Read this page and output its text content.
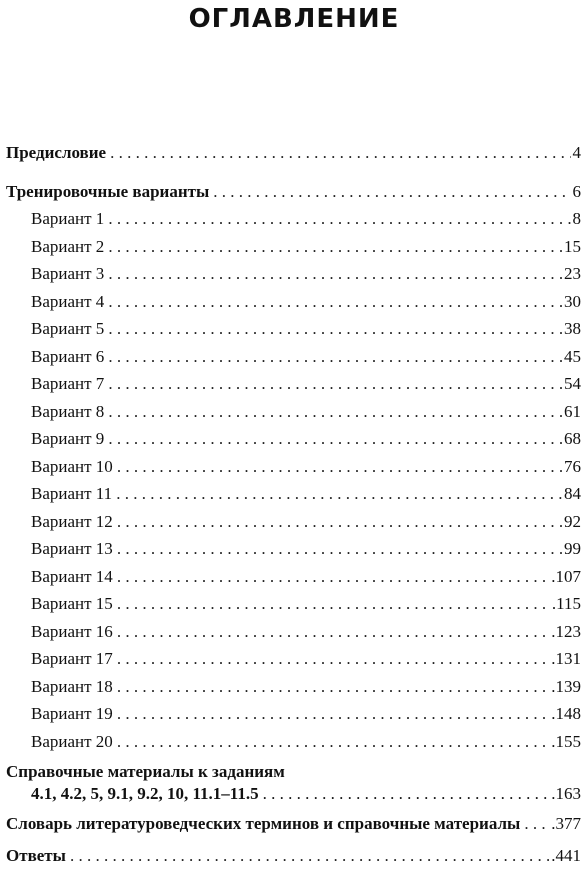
ОГЛАВЛЕНИЕ
Предисловие . . .	4
Тренировочные варианты . . .	6
Вариант 1 . . .	8
Вариант 2 . . .	15
Вариант 3 . . .	23
Вариант 4 . . .	30
Вариант 5 . . .	38
Вариант 6 . . .	45
Вариант 7 . . .	54
Вариант 8 . . .	61
Вариант 9 . . .	68
Вариант 10 . . .	76
Вариант 11 . . .	84
Вариант 12 . . .	92
Вариант 13 . . .	99
Вариант 14 . . .	.107
Вариант 15 . . .	.115
Вариант 16 . . .	.123
Вариант 17 . . .	.131
Вариант 18 . . .	.139
Вариант 19 . . .	.148
Вариант 20 . . .	.155
Справочные материалы к заданиям
4.1, 4.2, 5, 9.1, 9.2, 10, 11.1–11.5 . . .	.163
Словарь литературоведческих терминов и справочные материалы . . . .377
Ответы . . .	.441
